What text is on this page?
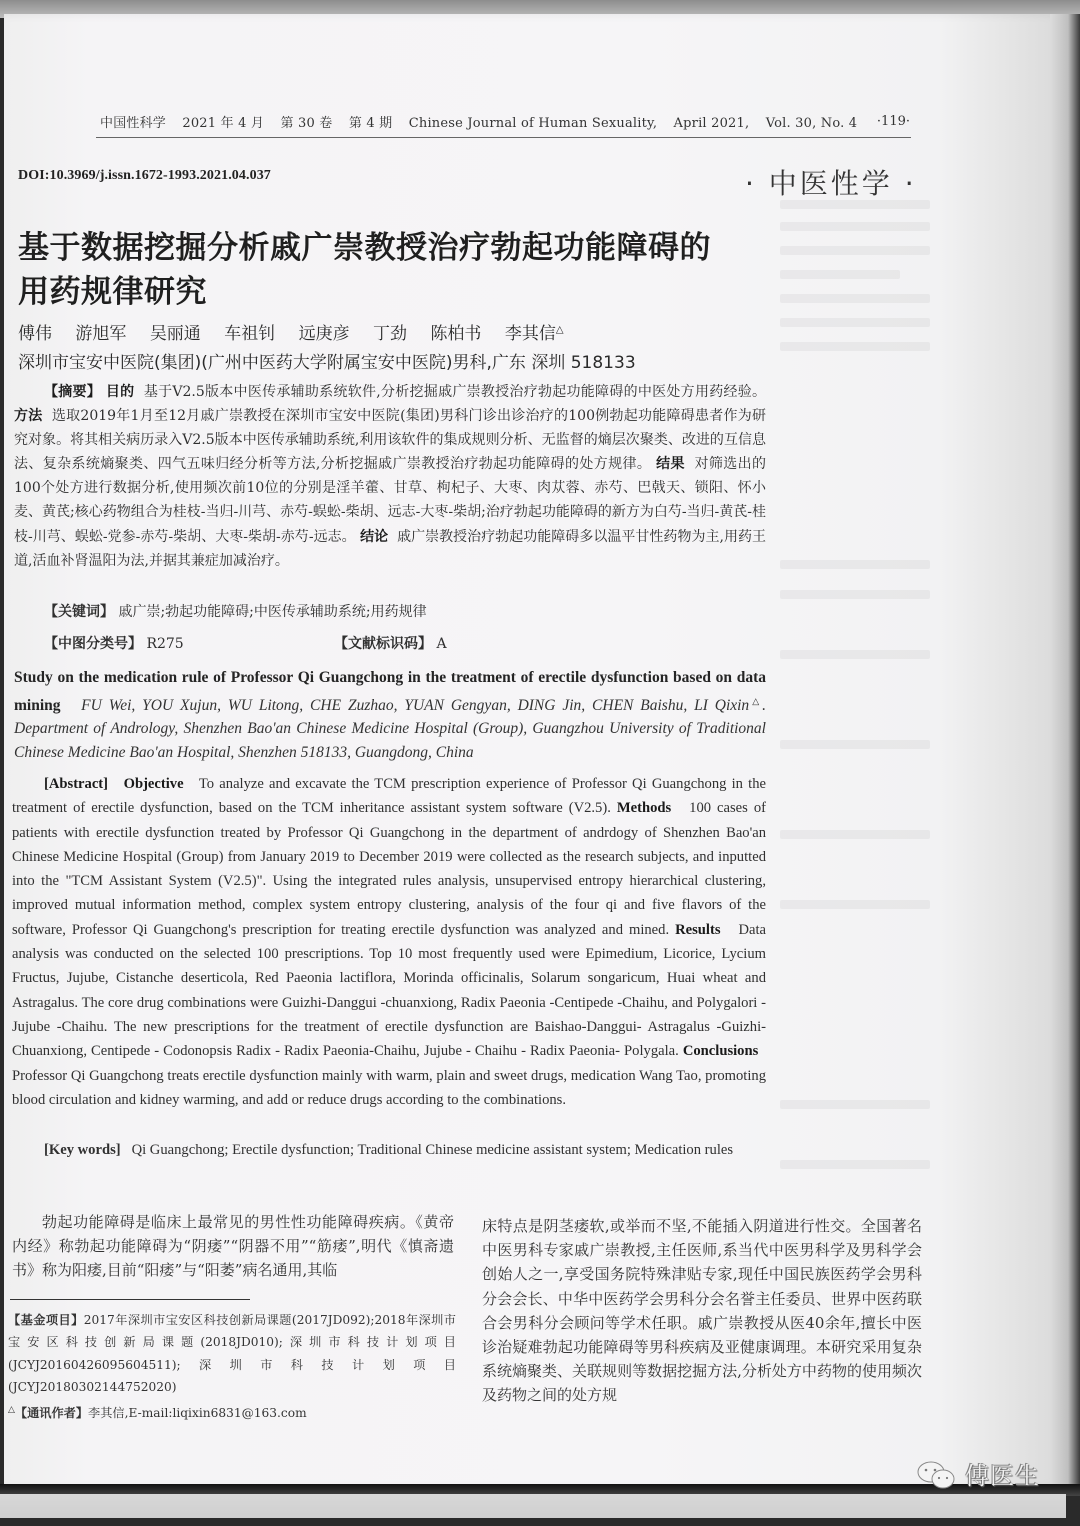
中国性科学 2021 年 4 月 第 30 卷 第 4 期 Chinese Journal of Human Sexuality, April 2021, Vol. 30, No. 4	·119·
DOI:10.3969/j.issn.1672-1993.2021.04.037	· 中医性学 ·
基于数据挖掘分析戚广崇教授治疗勃起功能障碍的
用药规律研究
傅伟 游旭军 吴丽通 车祖钊 远庚彦 丁劲 陈柏书 李其信△
深圳市宝安中医院(集团)(广州中医药大学附属宝安中医院)男科,广东 深圳 518133
【摘要】 目的 基于V2.5版本中医传承辅助系统软件,分析挖掘戚广崇教授治疗勃起功能障碍的中医处方用药经验。 方法 选取2019年1月至12月戚广崇教授在深圳市宝安中医院(集团)男科门诊出诊治疗的100例勃起功能障碍患者作为研究对象。将其相关病历录入V2.5版本中医传承辅助系统,利用该软件的集成规则分析、无监督的熵层次聚类、改进的互信息法、复杂系统熵聚类、四气五味归经分析等方法,分析挖掘戚广崇教授治疗勃起功能障碍的处方规律。 结果 对筛选出的100个处方进行数据分析,使用频次前10位的分别是淫羊藿、甘草、枸杞子、大枣、肉苁蓉、赤芍、巴戟天、锁阳、怀小麦、黄芪;核心药物组合为桂枝-当归-川芎、赤芍-蜈蚣-柴胡、远志-大枣-柴胡;治疗勃起功能障碍的新方为白芍-当归-黄芪-桂枝-川芎、蜈蚣-党参-赤芍-柴胡、大枣-柴胡-赤芍-远志。 结论 戚广崇教授治疗勃起功能障碍多以温平甘性药物为主,用药王道,活血补肾温阳为法,并据其兼症加减治疗。
【关键词】 戚广崇;勃起功能障碍;中医传承辅助系统;用药规律
【中图分类号】 R275	【文献标识码】 A
Study on the medication rule of Professor Qi Guangchong in the treatment of erectile dysfunction based on data mining FU Wei, YOU Xujun, WU Litong, CHE Zuzhao, YUAN Gengyan, DING Jin, CHEN Baishu, LI Qixin△. Department of Andrology, Shenzhen Bao'an Chinese Medicine Hospital (Group), Guangzhou University of Traditional Chinese Medicine Bao'an Hospital, Shenzhen 518133, Guangdong, China
[Abstract] Objective To analyze and excavate the TCM prescription experience of Professor Qi Guangchong in the treatment of erectile dysfunction, based on the TCM inheritance assistant system software (V2.5). Methods 100 cases of patients with erectile dysfunction treated by Professor Qi Guangchong in the department of andrdogy of Shenzhen Bao'an Chinese Medicine Hospital (Group) from January 2019 to December 2019 were collected as the research subjects, and inputted into the "TCM Assistant System (V2.5)". Using the integrated rules analysis, unsupervised entropy hierarchical clustering, improved mutual information method, complex system entropy clustering, analysis of the four qi and five flavors of the software, Professor Qi Guangchong's prescription for treating erectile dysfunction was analyzed and mined. Results Data analysis was conducted on the selected 100 prescriptions. Top 10 most frequently used were Epimedium, Licorice, Lycium Fructus, Jujube, Cistanche deserticola, Red Paeonia lactiflora, Morinda officinalis, Solarum songaricum, Huai wheat and Astragalus. The core drug combinations were Guizhi-Danggui -chuanxiong, Radix Paeonia -Centipede -Chaihu, and Polygalori -Jujube -Chaihu. The new prescriptions for the treatment of erectile dysfunction are Baishao-Danggui- Astragalus -Guizhi-Chuanxiong, Centipede - Codonopsis Radix - Radix Paeonia-Chaihu, Jujube - Chaihu - Radix Paeonia- Polygala. Conclusions   Professor Qi Guangchong treats erectile dysfunction mainly with warm, plain and sweet drugs, medication Wang Tao, promoting blood circulation and kidney warming, and add or reduce drugs according to the combinations.
[Key words] Qi Guangchong; Erectile dysfunction; Traditional Chinese medicine assistant system; Medication rules
勃起功能障碍是临床上最常见的男性性功能障碍疾病。《黄帝内经》称勃起功能障碍为“阴痿”“阴器不用”“筋痿”,明代《慎斋遗书》称为阳痿,目前“阳痿”与“阳萎”病名通用,其临
床特点是阴茎痿软,或举而不坚,不能插入阴道进行性交。全国著名中医男科专家戚广崇教授,主任医师,系当代中医男科学及男科学会创始人之一,享受国务院特殊津贴专家,现任中国民族医药学会男科分会会长、中华中医药学会男科分会名誉主任委员、世界中医药联合会男科分会顾问等学术任职。戚广崇教授从医40余年,擅长中医诊治疑难勃起功能障碍等男科疾病及亚健康调理。本研究采用复杂系统熵聚类、关联规则等数据挖掘方法,分析处方中药物的使用频次及药物之间的处方规
【基金项目】2017年深圳市宝安区科技创新局课题(2017JD092);2018年深圳市宝安区科技创新局课题(2018JD010);深圳市科技计划项目(JCYJ20160426095604511);深圳市科技计划项目(JCYJ20180302144752020)
△【通讯作者】李其信,E-mail:liqixin6831@163.com
傅医生
